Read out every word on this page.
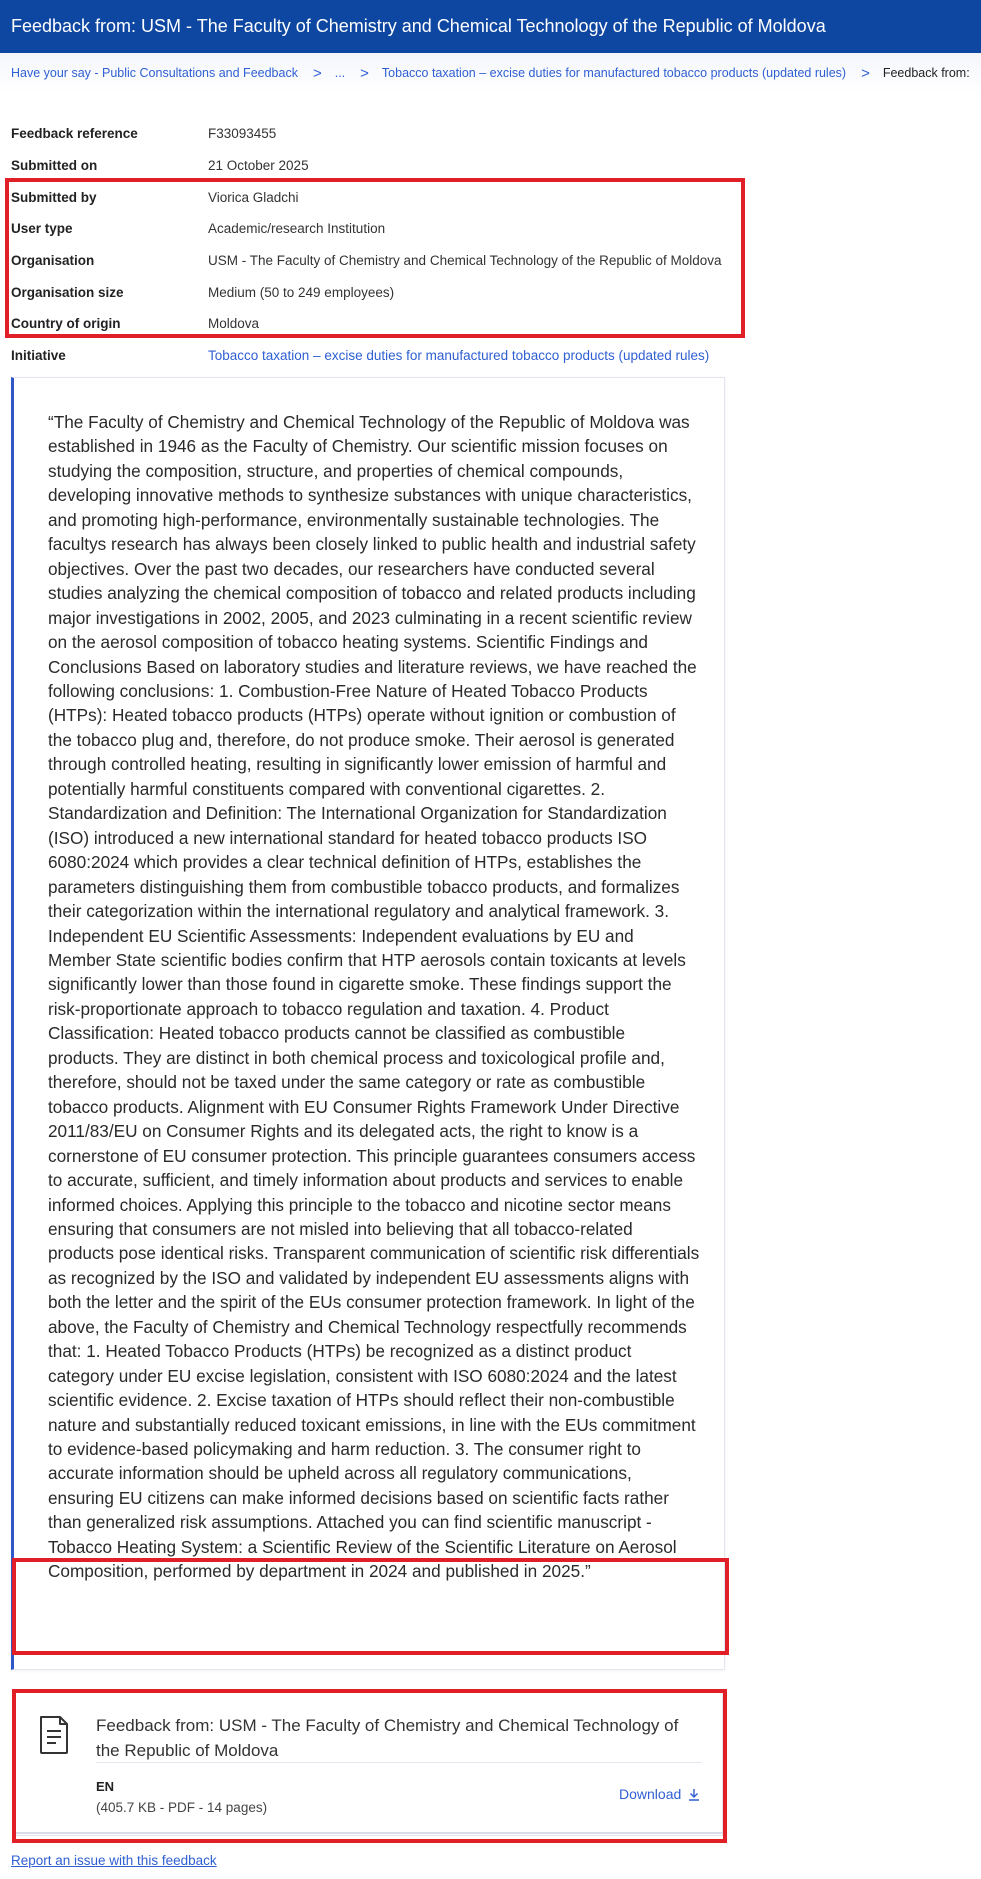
Feedback from: USM - The Faculty of Chemistry and Chemical Technology of the Republic of Moldova
Have your say - Public Consultations and Feedback > ... > Tobacco taxation – excise duties for manufactured tobacco products (updated rules) > Feedback from:
Feedback reference	F33093455
Submitted on	21 October 2025
Submitted by	Viorica Gladchi
User type	Academic/research Institution
Organisation	USM - The Faculty of Chemistry and Chemical Technology of the Republic of Moldova
Organisation size	Medium (50 to 249 employees)
Country of origin	Moldova
Initiative	Tobacco taxation – excise duties for manufactured tobacco products (updated rules)
“The Faculty of Chemistry and Chemical Technology of the Republic of Moldova was established in 1946 as the Faculty of Chemistry. Our scientific mission focuses on studying the composition, structure, and properties of chemical compounds, developing innovative methods to synthesize substances with unique characteristics, and promoting high-performance, environmentally sustainable technologies. The facultys research has always been closely linked to public health and industrial safety objectives. Over the past two decades, our researchers have conducted several studies analyzing the chemical composition of tobacco and related products including major investigations in 2002, 2005, and 2023 culminating in a recent scientific review on the aerosol composition of tobacco heating systems. Scientific Findings and Conclusions Based on laboratory studies and literature reviews, we have reached the following conclusions: 1. Combustion-Free Nature of Heated Tobacco Products (HTPs): Heated tobacco products (HTPs) operate without ignition or combustion of the tobacco plug and, therefore, do not produce smoke. Their aerosol is generated through controlled heating, resulting in significantly lower emission of harmful and potentially harmful constituents compared with conventional cigarettes. 2. Standardization and Definition: The International Organization for Standardization (ISO) introduced a new international standard for heated tobacco products ISO 6080:2024 which provides a clear technical definition of HTPs, establishes the parameters distinguishing them from combustible tobacco products, and formalizes their categorization within the international regulatory and analytical framework. 3. Independent EU Scientific Assessments: Independent evaluations by EU and Member State scientific bodies confirm that HTP aerosols contain toxicants at levels significantly lower than those found in cigarette smoke. These findings support the risk-proportionate approach to tobacco regulation and taxation. 4. Product Classification: Heated tobacco products cannot be classified as combustible products. They are distinct in both chemical process and toxicological profile and, therefore, should not be taxed under the same category or rate as combustible tobacco products. Alignment with EU Consumer Rights Framework Under Directive 2011/83/EU on Consumer Rights and its delegated acts, the right to know is a cornerstone of EU consumer protection. This principle guarantees consumers access to accurate, sufficient, and timely information about products and services to enable informed choices. Applying this principle to the tobacco and nicotine sector means ensuring that consumers are not misled into believing that all tobacco-related products pose identical risks. Transparent communication of scientific risk differentials as recognized by the ISO and validated by independent EU assessments aligns with both the letter and the spirit of the EUs consumer protection framework. In light of the above, the Faculty of Chemistry and Chemical Technology respectfully recommends that: 1. Heated Tobacco Products (HTPs) be recognized as a distinct product category under EU excise legislation, consistent with ISO 6080:2024 and the latest scientific evidence. 2. Excise taxation of HTPs should reflect their non-combustible nature and substantially reduced toxicant emissions, in line with the EUs commitment to evidence-based policymaking and harm reduction. 3. The consumer right to accurate information should be upheld across all regulatory communications, ensuring EU citizens can make informed decisions based on scientific facts rather than generalized risk assumptions. Attached you can find scientific manuscript - Tobacco Heating System: a Scientific Review of the Scientific Literature on Aerosol Composition, performed by department in 2024 and published in 2025.”
Feedback from: USM - The Faculty of Chemistry and Chemical Technology of the Republic of Moldova
EN
(405.7 KB - PDF - 14 pages)
Download
Report an issue with this feedback
